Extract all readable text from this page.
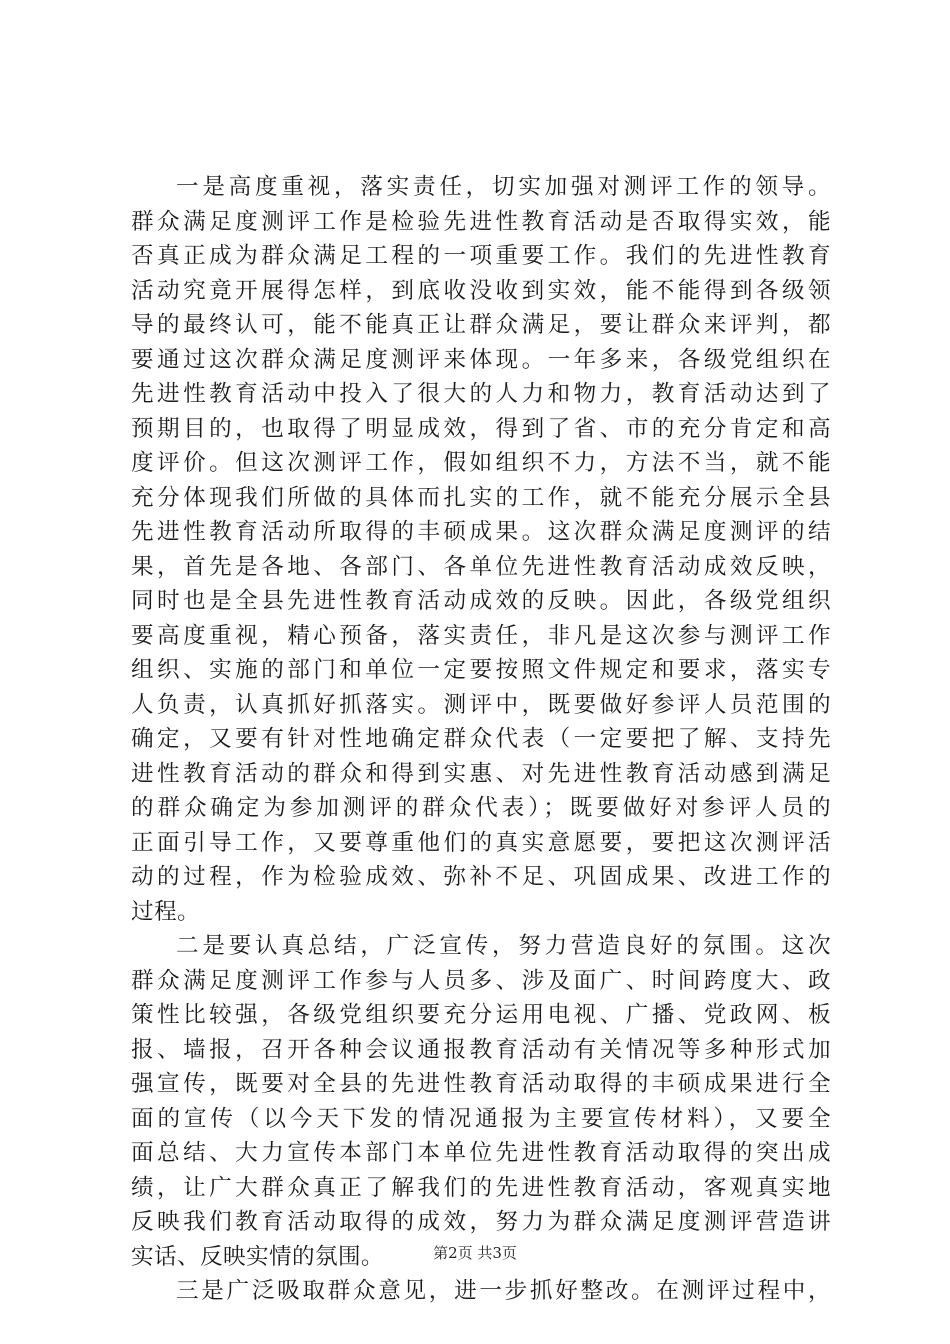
一是高度重视，落实责任，切实加强对测评工作的领导。
群众满足度测评工作是检验先进性教育活动是否取得实效，能
否真正成为群众满足工程的一项重要工作。我们的先进性教育
活动究竟开展得怎样，到底收没收到实效，能不能得到各级领
导的最终认可，能不能真正让群众满足，要让群众来评判，都
要通过这次群众满足度测评来体现。一年多来，各级党组织在
先进性教育活动中投入了很大的人力和物力，教育活动达到了
预期目的，也取得了明显成效，得到了省、市的充分肯定和高
度评价。但这次测评工作，假如组织不力，方法不当，就不能
充分体现我们所做的具体而扎实的工作，就不能充分展示全县
先进性教育活动所取得的丰硕成果。这次群众满足度测评的结
果，首先是各地、各部门、各单位先进性教育活动成效反映，
同时也是全县先进性教育活动成效的反映。因此，各级党组织
要高度重视，精心预备，落实责任，非凡是这次参与测评工作
组织、实施的部门和单位一定要按照文件规定和要求，落实专
人负责，认真抓好抓落实。测评中，既要做好参评人员范围的
确定，又要有针对性地确定群众代表（一定要把了解、支持先
进性教育活动的群众和得到实惠、对先进性教育活动感到满足
的群众确定为参加测评的群众代表）；既要做好对参评人员的
正面引导工作，又要尊重他们的真实意愿要，要把这次测评活
动的过程，作为检验成效、弥补不足、巩固成果、改进工作的
过程。
二是要认真总结，广泛宣传，努力营造良好的氛围。这次
群众满足度测评工作参与人员多、涉及面广、时间跨度大、政
策性比较强，各级党组织要充分运用电视、广播、党政网、板
报、墙报，召开各种会议通报教育活动有关情况等多种形式加
强宣传，既要对全县的先进性教育活动取得的丰硕成果进行全
面的宣传（以今天下发的情况通报为主要宣传材料），又要全
面总结、大力宣传本部门本单位先进性教育活动取得的突出成
绩，让广大群众真正了解我们的先进性教育活动，客观真实地
反映我们教育活动取得的成效，努力为群众满足度测评营造讲
实话、反映实情的氛围。
三是广泛吸取群众意见，进一步抓好整改。在测评过程中，
第2页 共3页
